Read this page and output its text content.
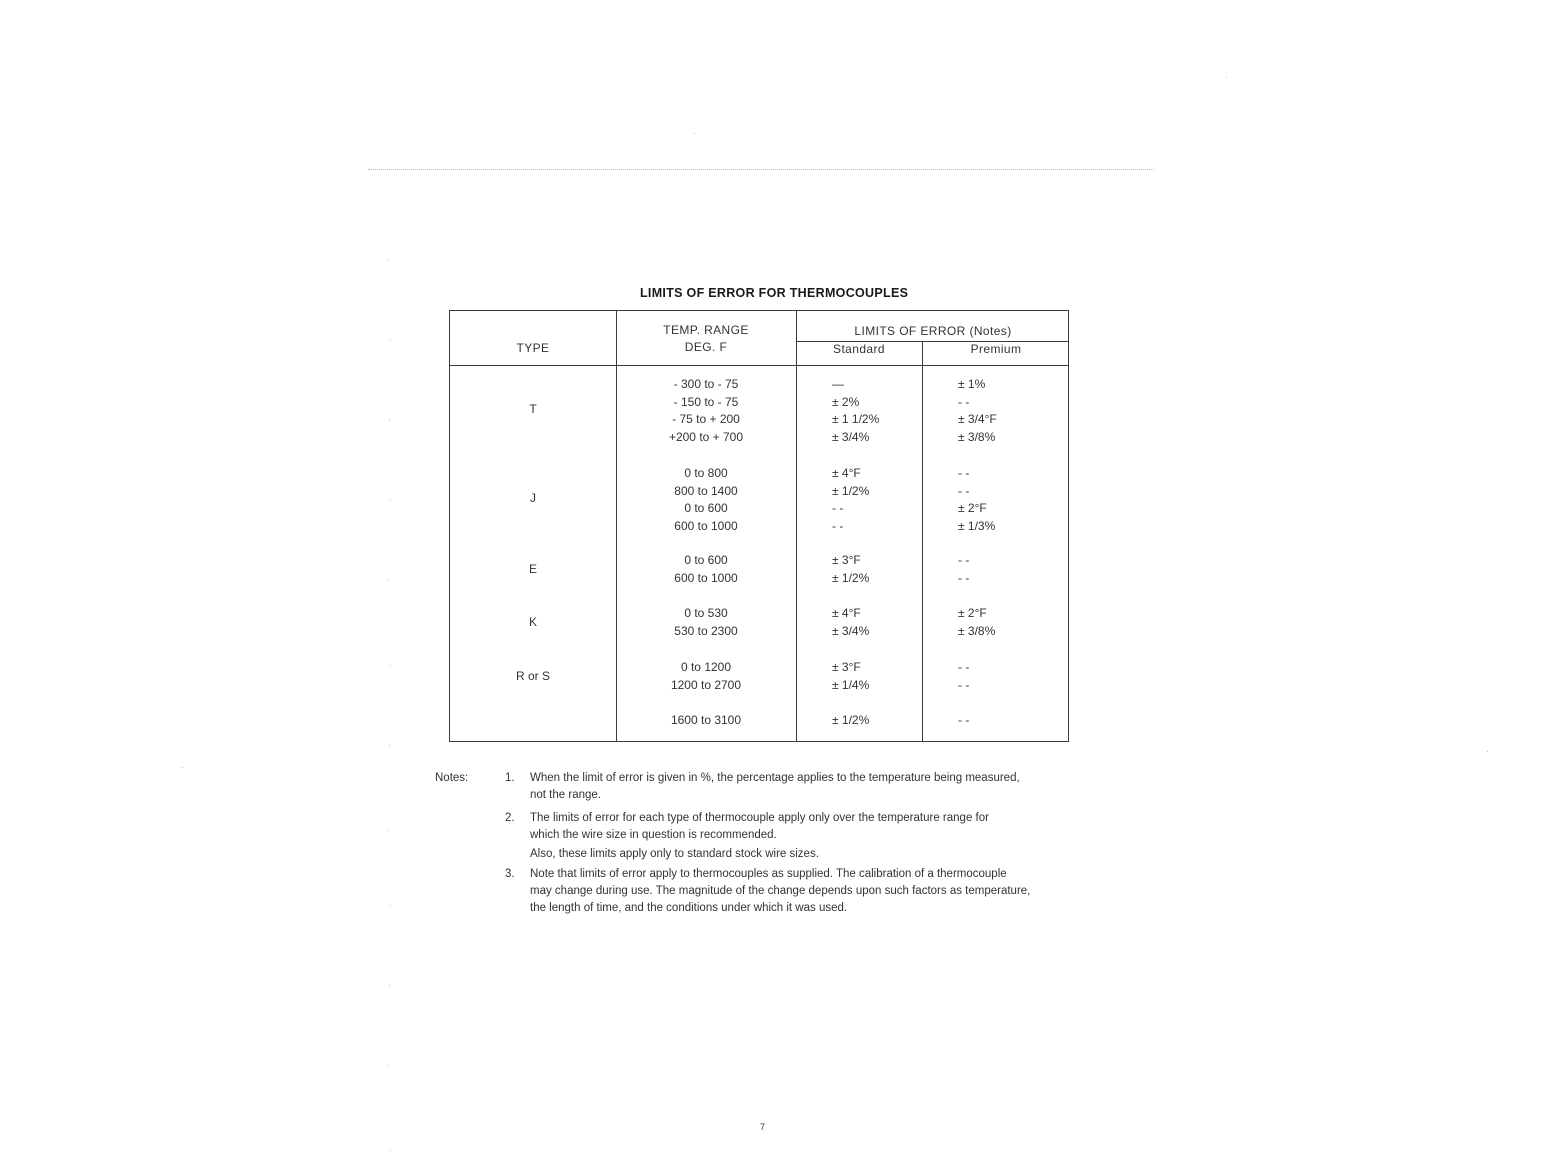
LIMITS OF ERROR FOR THERMOCOUPLES
TYPE
TEMP. RANGE
DEG. F
LIMITS OF ERROR (Notes)
Standard	Premium
T
- 300 to - 75	—	± 1%
- 150 to - 75	± 2%	- -
- 75 to + 200	± 1 1/2%	± 3/4°F
+200 to + 700	± 3/4%	± 3/8%
J
0 to 800	± 4°F	- -
800 to 1400	± 1/2%	- -
0 to 600	- -	± 2°F
600 to 1000	- -	± 1/3%
E
0 to 600	± 3°F	- -
600 to 1000	± 1/2%	- -
K
0 to 530	± 4°F	± 2°F
530 to 2300	± 3/4%	± 3/8%
R or S
0 to 1200	± 3°F	- -
1200 to 2700	± 1/4%	- -
1600 to 3100	± 1/2%	- -
Notes:	1. When the limit of error is given in %, the percentage applies to the temperature being measured,
not the range.
2. The limits of error for each type of thermocouple apply only over the temperature range for
which the wire size in question is recommended.
Also, these limits apply only to standard stock wire sizes.
3. Note that limits of error apply to thermocouples as supplied. The calibration of a thermocouple
may change during use. The magnitude of the change depends upon such factors as temperature,
the length of time, and the conditions under which it was used.
7
